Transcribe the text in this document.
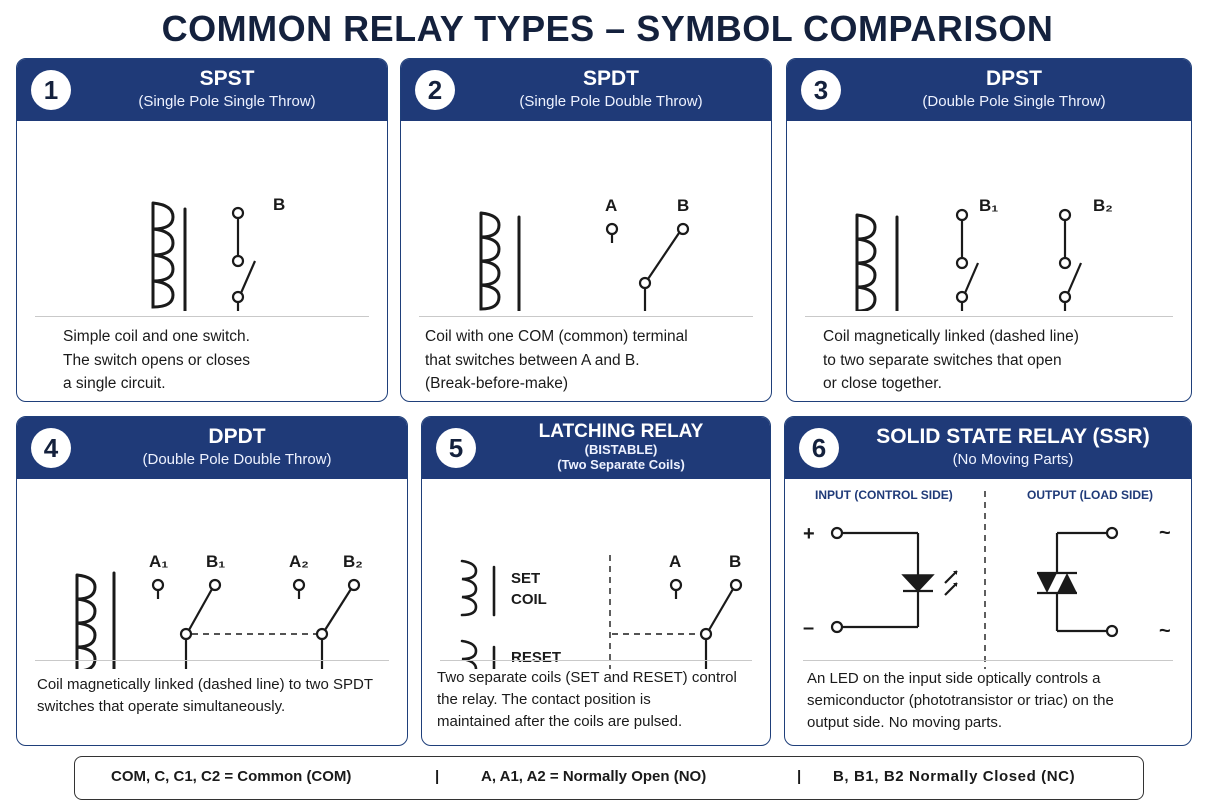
COMMON RELAY TYPES – SYMBOL COMPARISON
1	SPST
(Single Pole Single Throw)
B
Simple coil and one switch.
The switch opens or closes
a single circuit.
2	SPDT
(Single Pole Double Throw)
A	B
Coil with one COM (common) terminal
that switches between A and B.
(Break-before-make)
3	DPST
(Double Pole Single Throw)
B₁	B₂
Coil magnetically linked (dashed line)
to two separate switches that open
or close together.
4	DPDT
(Double Pole Double Throw)
A₁ B₁	A₂ B₂
Coil magnetically linked (dashed line) to two SPDT
switches that operate simultaneously.
5
LATCHING RELAY
(BISTABLE)
(Two Separate Coils)
SET
COIL
RESET
A	B
Two separate coils (SET and RESET) control
the relay. The contact position is
maintained after the coils are pulsed.
6	SOLID STATE RELAY (SSR)
(No Moving Parts)
INPUT (CONTROL SIDE)	OUTPUT (LOAD SIDE)
+
–
~
~
An LED on the input side optically controls a
semiconductor (phototransistor or triac) on the
output side. No moving parts.
COM, C, C1, C2 = Common (COM)	|	A, A1, A2 = Normally Open (NO)	| B, B1, B2 Normally Closed (NC)
